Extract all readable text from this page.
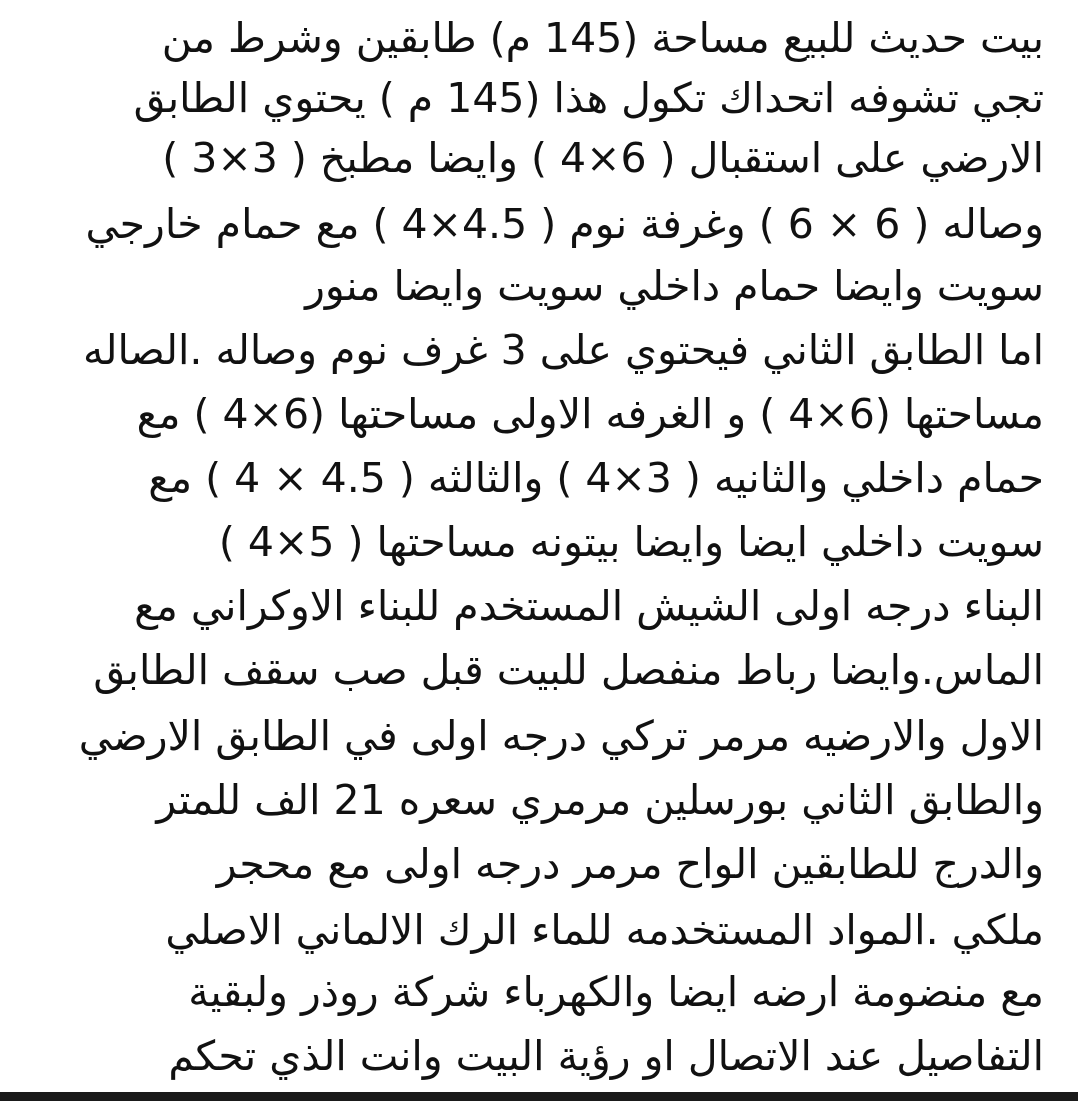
بيت حديث للبيع مساحة (145 م) طابقين وشرط من
تجي تشوفه اتحداك تكول هذا (145 م ) يحتوي الطابق
الارضي على استقبال ( 6×4 ) وايضا مطبخ ( 3×3 )
وصاله ( 6 × 6 ) وغرفة نوم ( 4.5×4 ) مع حمام خارجي
سويت وايضا حمام داخلي سويت وايضا منور
اما الطابق الثاني فيحتوي على 3 غرف نوم وصاله .الصاله
مساحتها (6×4 ) و الغرفه الاولى مساحتها (6×4 ) مع
حمام داخلي والثانيه ( 3×4 ) والثالثه ( 4.5 × 4 ) مع
سويت داخلي ايضا وايضا بيتونه مساحتها ( 5×4 )
البناء درجه اولى الشيش المستخدم للبناء الاوكراني مع
الماس.وايضا رباط منفصل للبيت قبل صب سقف الطابق
الاول والارضيه مرمر تركي درجه اولى في الطابق الارضي
والطابق الثاني بورسلين مرمري سعره 21 الف للمتر
والدرج للطابقين الواح مرمر درجه اولى مع محجر
ملكي .المواد المستخدمه للماء الرك الالماني الاصلي
مع منضومة ارضه ايضا والكهرباء شركة روذر ولبقية
التفاصيل عند الاتصال او رؤية البيت وانت الذي تحكم
